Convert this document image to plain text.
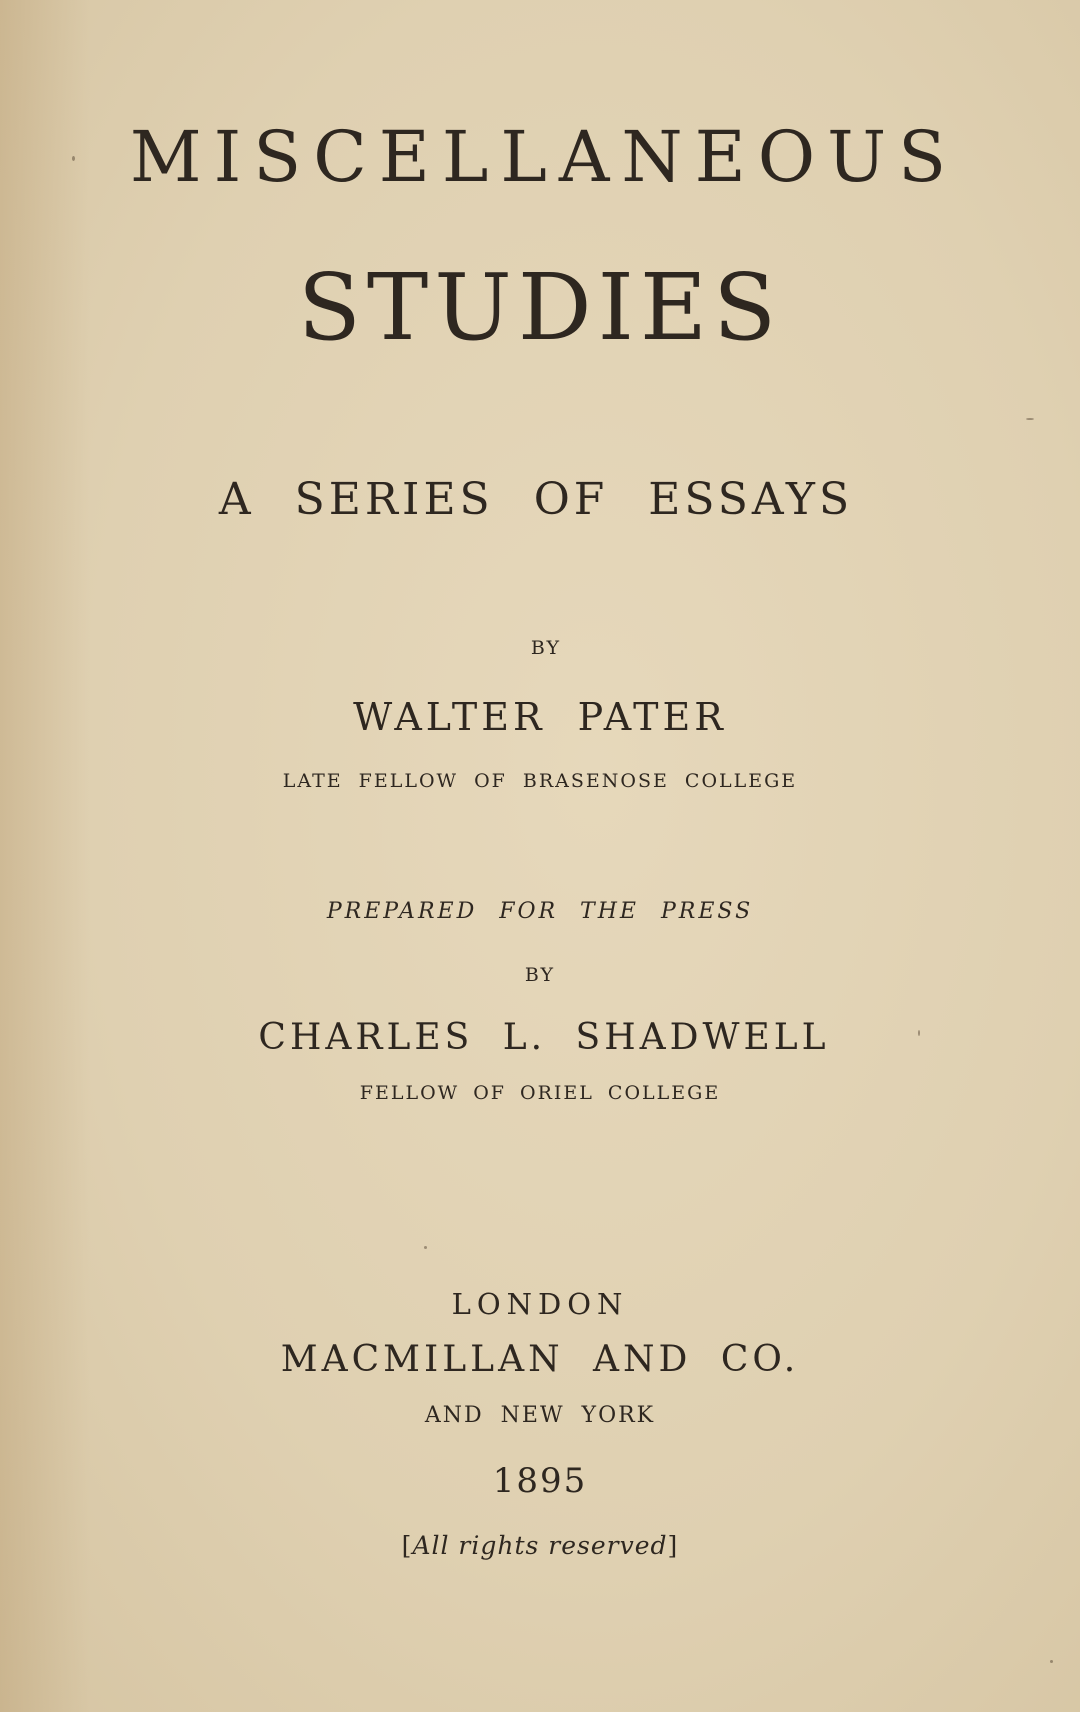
MISCELLANEOUS

STUDIES

A SERIES OF ESSAYS

BY

WALTER PATER

LATE FELLOW OF BRASENOSE COLLEGE

PREPARED FOR THE PRESS

BY

CHARLES L. SHADWELL

FELLOW OF ORIEL COLLEGE

LONDON

MACMILLAN AND CO.

AND NEW YORK

1895

[All rights reserved]
